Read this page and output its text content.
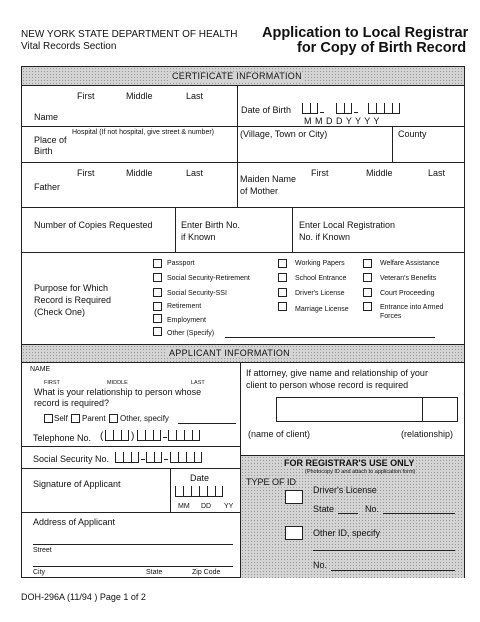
NEW YORK STATE DEPARTMENT OF HEALTH
Vital Records Section
Application to Local Registrar
for Copy of Birth Record
CERTIFICATE INFORMATION
First	Middle	Last
Name
Date of Birth
M M D D Y Y Y Y
Place of Birth
Hospital (If not hospital, give street & number)	(Village, Town or City)	County
First	Middle	Last
Father
Maiden Name
of Mother
First	Middle	Last
Number of Copies Requested	Enter Birth No.
if Known
Enter Local Registration
No. if Known
Purpose for Which
Record is Required
(Check One)
Passport
Social Security-Retirement
Social Security-SSI
Retirement
Employment
Other (Specify)
Working Papers
School Entrance
Driver's License
Marriage License
Welfare Assistance
Veteran's Benefits
Court Proceeding
Entrance into Armed
Forces
APPLICANT INFORMATION
NAME
FIRST	MIDDLE	LAST
What is your relationship to person whose
record is required?
Self Parent Other, specify
Telephone No. (	)
Social Security No.
Signature of Applicant
Date
MM DD YY
Address of Applicant
Street
City	State	Zip Code
If attorney, give name and relationship of your
client to person whose record is required
(name of client)	(relationship)
FOR REGISTRAR'S USE ONLY
(Photocopy ID and attach to application form)
TYPE OF ID
Driver's License
State	No.
Other ID, specify
No.
DOH-296A (11/94 ) Page 1 of 2
